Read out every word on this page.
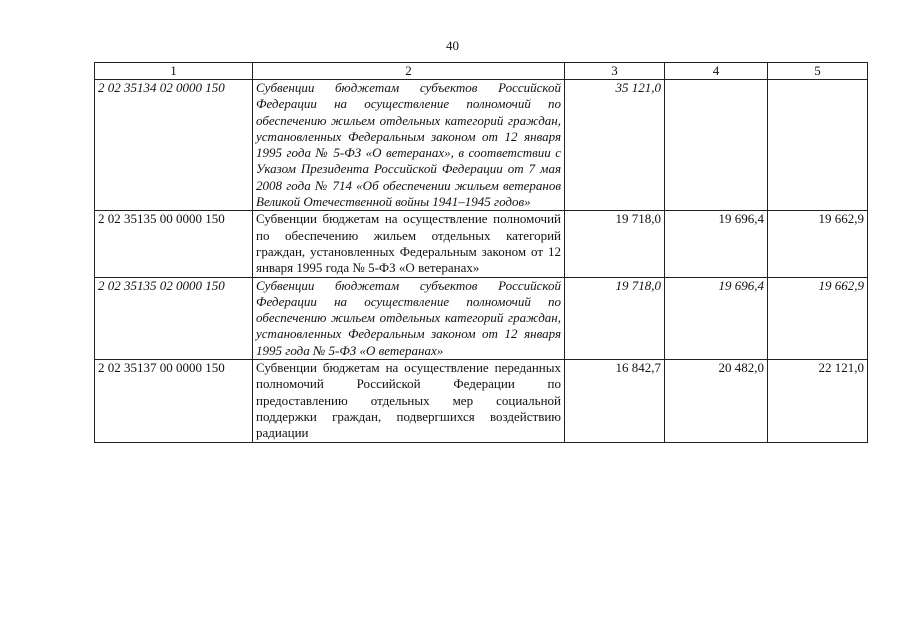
40
1	2	3	4	5
2 02 35134 02 0000 150	Субвенции бюджетам субъектов Российской Федерации на осуществление полномочий по обеспечению жильем отдельных категорий граждан, установленных Федеральным законом от 12 января 1995 года № 5-ФЗ «О ветеранах», в соответствии с Указом Президента Российской Федерации от 7 мая 2008 года № 714 «Об обеспечении жильем ветеранов Великой Отечественной войны 1941–1945 годов»	35 121,0		
2 02 35135 00 0000 150	Субвенции бюджетам на осуществление полномочий по обеспечению жильем отдельных категорий граждан, установленных Федеральным законом от 12 января 1995 года № 5-ФЗ «О ветеранах»	19 718,0	19 696,4	19 662,9
2 02 35135 02 0000 150	Субвенции бюджетам субъектов Российской Федерации на осуществление полномочий по обеспечению жильем отдельных категорий граждан, установленных Федеральным законом от 12 января 1995 года № 5-ФЗ «О ветеранах»	19 718,0	19 696,4	19 662,9
2 02 35137 00 0000 150	Субвенции бюджетам на осуществление переданных полномочий Российской Федерации по предоставлению отдельных мер социальной поддержки граждан, подвергшихся воздействию радиации	16 842,7	20 482,0	22 121,0
